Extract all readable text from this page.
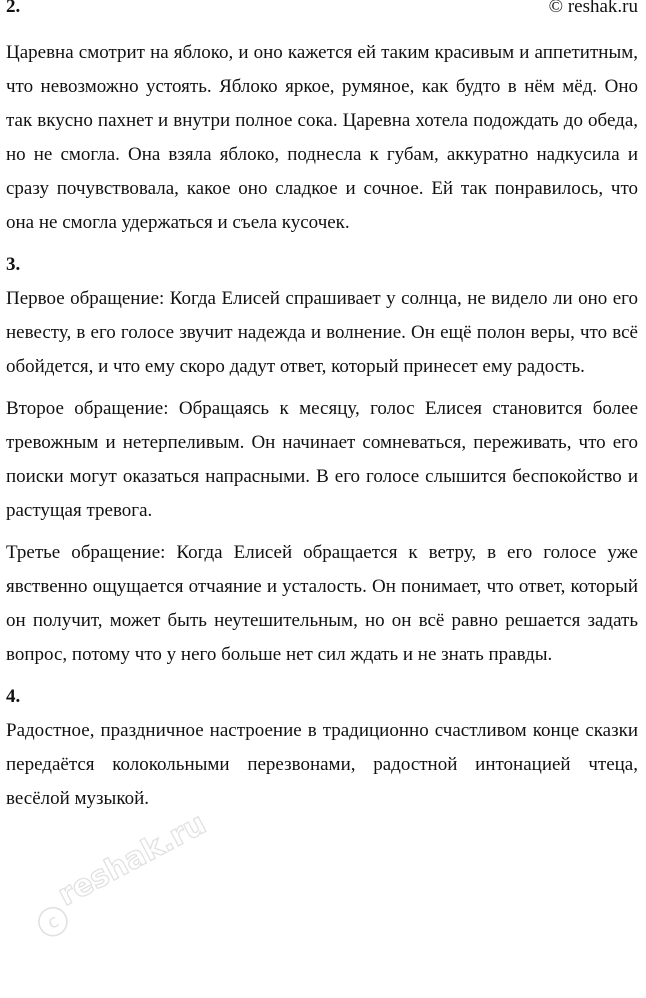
2.	© reshak.ru

Царевна смотрит на яблоко, и оно кажется ей таким красивым и аппетитным, что невозможно устоять. Яблоко яркое, румяное, как будто в нём мёд. Оно так вкусно пахнет и внутри полное сока. Царевна хотела подождать до обеда, но не смогла. Она взяла яблоко, поднесла к губам, аккуратно надкусила и сразу почувствовала, какое оно сладкое и сочное. Ей так понравилось, что она не смогла удержаться и съела кусочек.

3.

Первое обращение: Когда Елисей спрашивает у солнца, не видело ли оно его невесту, в его голосе звучит надежда и волнение. Он ещё полон веры, что всё обойдется, и что ему скоро дадут ответ, который принесет ему радость.

Второе обращение: Обращаясь к месяцу, голос Елисея становится более тревожным и нетерпеливым. Он начинает сомневаться, переживать, что его поиски могут оказаться напрасными. В его голосе слышится беспокойство и растущая тревога.

Третье обращение: Когда Елисей обращается к ветру, в его голосе уже явственно ощущается отчаяние и усталость. Он понимает, что ответ, который он получит, может быть неутешительным, но он всё равно решается задать вопрос, потому что у него больше нет сил ждать и не знать правды.

4.

Радостное, праздничное настроение в традиционно счастливом конце сказки передаётся колокольными перезвонами, радостной интонацией чтеца, весёлой музыкой.

c
reshak.ru
